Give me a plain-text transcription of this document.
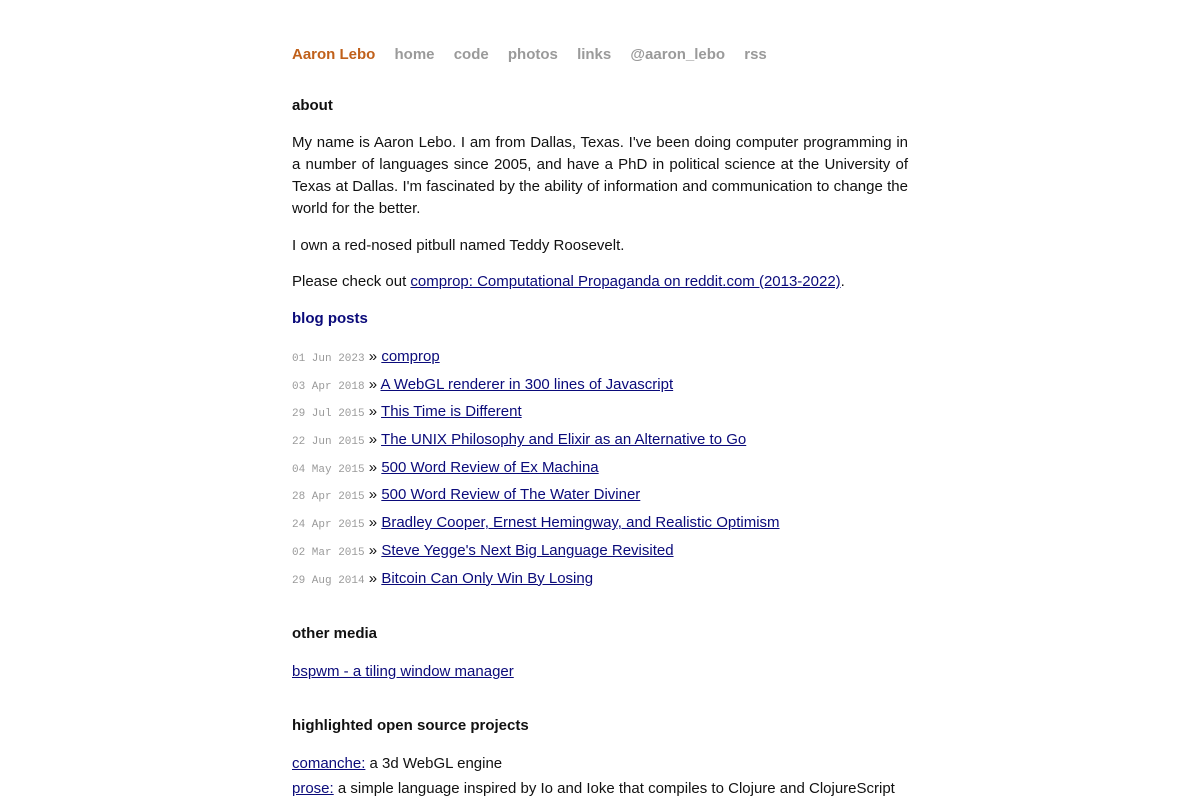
Aaron Lebo home code photos links @aaron_lebo rss
about

My name is Aaron Lebo. I am from Dallas, Texas. I've been doing computer programming in a number of languages since 2005, and have a PhD in political science at the University of Texas at Dallas. I'm fascinated by the ability of information and communication to change the world for the better.

I own a red-nosed pitbull named Teddy Roosevelt.

Please check out comprop: Computational Propaganda on reddit.com (2013-2022).

blog posts
01 Jun 2023 » comprop
03 Apr 2018 » A WebGL renderer in 300 lines of Javascript
29 Jul 2015 » This Time is Different
22 Jun 2015 » The UNIX Philosophy and Elixir as an Alternative to Go
04 May 2015 » 500 Word Review of Ex Machina
28 Apr 2015 » 500 Word Review of The Water Diviner
24 Apr 2015 » Bradley Cooper, Ernest Hemingway, and Realistic Optimism
02 Mar 2015 » Steve Yegge's Next Big Language Revisited
29 Aug 2014 » Bitcoin Can Only Win By Losing
other media
bspwm - a tiling window manager
highlighted open source projects
comanche: a 3d WebGL engine
prose: a simple language inspired by Io and Ioke that compiles to Clojure and ClojureScript
